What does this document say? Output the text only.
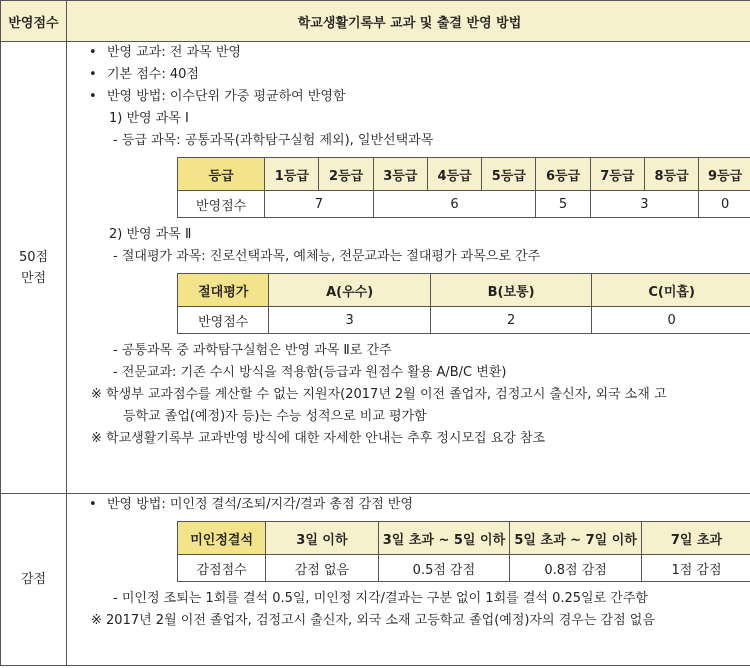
반영점수	학교생활기록부 교과 및 출결 반영 방법

50점
만점

• 반영 교과: 전 과목 반영
• 기본 점수: 40점
• 반영 방법: 이수단위 가중 평균하여 반영함
1) 반영 과목 Ⅰ
- 등급 과목: 공통과목(과학탐구실험 제외), 일반선택과목
등급	1등급	2등급	3등급	4등급	5등급	6등급	7등급	8등급	9등급
반영점수	7	6	5	3	0
2) 반영 과목 Ⅱ
- 절대평가 과목: 진로선택과목, 예체능, 전문교과는 절대평가 과목으로 간주
절대평가	A(우수)	B(보통)	C(미흡)
반영점수	3	2	0
- 공통과목 중 과학탐구실험은 반영 과목 Ⅱ로 간주
- 전문교과: 기존 수시 방식을 적용함(등급과 원점수 활용 A/B/C 변환)
※ 학생부 교과점수를 계산할 수 없는 지원자(2017년 2월 이전 졸업자, 검정고시 출신자, 외국 소재 고
등학교 졸업(예정)자 등)는 수능 성적으로 비교 평가함
※ 학교생활기록부 교과반영 방식에 대한 자세한 안내는 추후 정시모집 요강 참조

감점	
• 반영 방법: 미인정 결석/조퇴/지각/결과 총점 감점 반영
미인정결석	3일 이하	3일 초과 ~ 5일 이하	5일 초과 ~ 7일 이하	7일 초과
감점점수	감점 없음	0.5점 감점	0.8점 감점	1점 감점
- 미인정 조퇴는 1회를 결석 0.5일, 미인정 지각/결과는 구분 없이 1회를 결석 0.25일로 간주함
※ 2017년 2월 이전 졸업자, 검정고시 출신자, 외국 소재 고등학교 졸업(예정)자의 경우는 감점 없음
